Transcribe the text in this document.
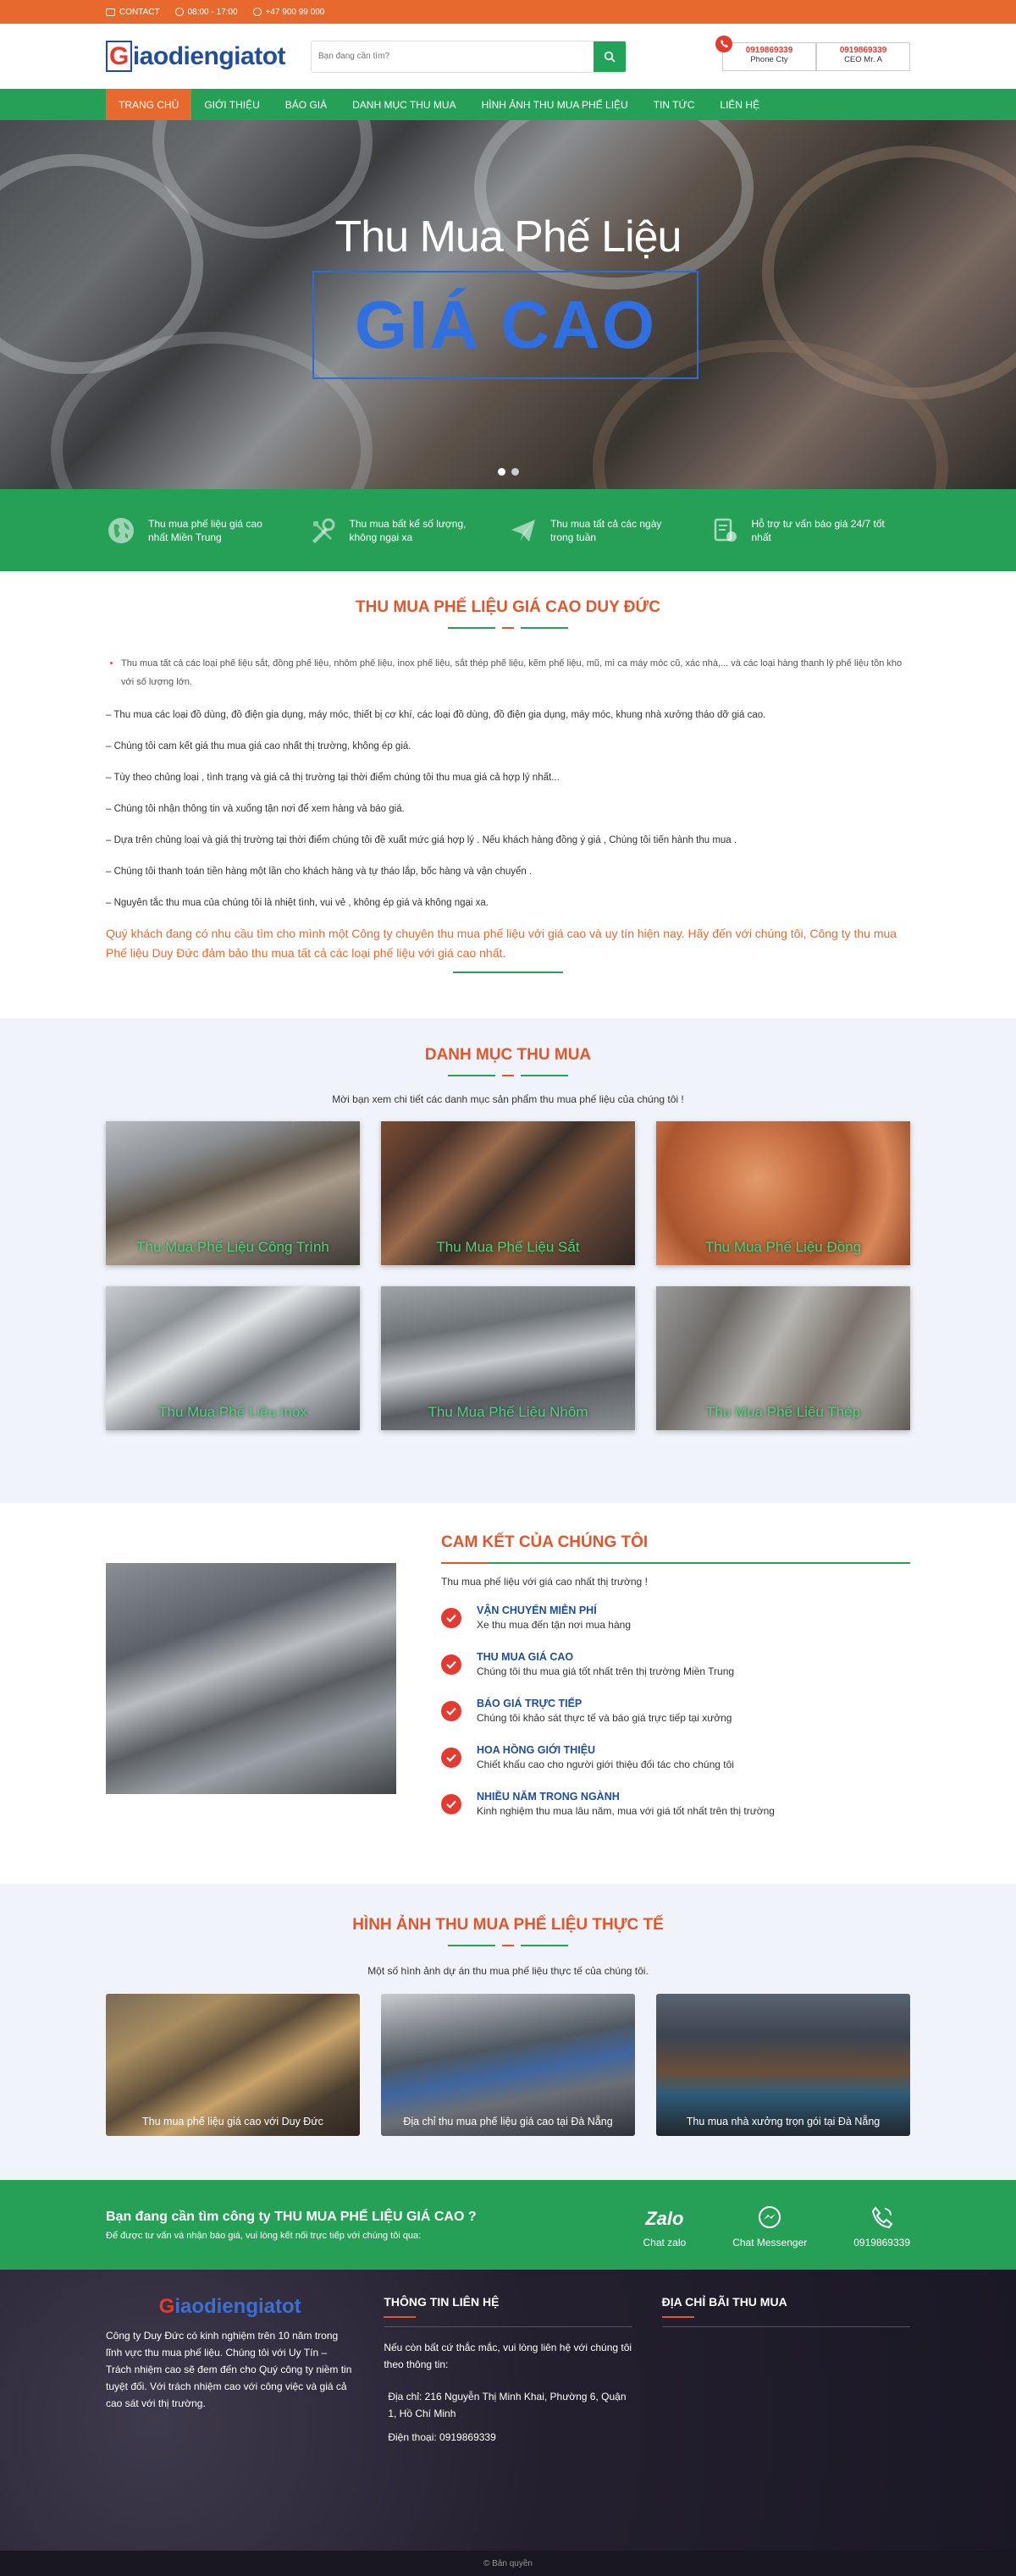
CONTACT	08:00 - 17:00	+47 900 99 000
G iaodiengiatot
Bạn đang cần tìm?	0919869339
Phone Cty
0919869339
CEO Mr. A
TRANG CHỦ	GIỚI THIỆU	BÁO GIÁ	DANH MỤC THU MUA	HÌNH ẢNH THU MUA PHẾ LIỆU	TIN TỨC	LIÊN HỆ
Thu Mua Phế Liệu
GIÁ CAO
Thu mua phế liệu giá cao nhất Miền Trung
Thu mua bất kể số lượng, không ngại xa
Thu mua tất cả các ngày trong tuần
Hỗ trợ tư vấn báo giá 24/7 tốt nhất
THU MUA PHẾ LIỆU GIÁ CAO DUY ĐỨC
• Thu mua tất cả các loại phế liệu sắt, đồng phế liệu, nhôm phế liệu, inox phế liệu, sắt thép phế liệu, kẽm phế liệu, mũ, mì ca máy móc cũ, xác nhà,... và các loại hàng thanh lý phế liệu tồn kho với số lượng lớn.

– Thu mua các loại đồ dùng, đồ điện gia dụng, máy móc, thiết bị cơ khí, các loại đồ dùng, đồ điện gia dụng, máy móc, khung nhà xưởng tháo dỡ giá cao.

– Chúng tôi cam kết giá thu mua giá cao nhất thị trường, không ép giá.

– Tùy theo chủng loại , tình trạng và giá cả thị trường tại thời điểm chúng tôi thu mua giá cả hợp lý nhất...

– Chúng tôi nhận thông tin và xuống tận nơi để xem hàng và báo giá.

– Dựa trên chủng loại và giá thị trường tại thời điểm chúng tôi đề xuất mức giá hợp lý . Nếu khách hàng đồng ý giá , Chúng tôi tiến hành thu mua .

– Chúng tôi thanh toán tiền hàng một lần cho khách hàng và tự tháo lắp, bốc hàng và vận chuyển .

– Nguyên tắc thu mua của chúng tôi là nhiệt tình, vui vẻ , không ép giá và không ngại xa.

Quý khách đang có nhu cầu tìm cho mình một Công ty chuyên thu mua phế liệu với giá cao và uy tín hiện nay. Hãy đến với chúng tôi, Công ty thu mua Phế liệu Duy Đức đảm bảo thu mua tất cả các loại phế liệu với giá cao nhất.

DANH MỤC THU MUA

Mời bạn xem chi tiết các danh mục sản phẩm thu mua phế liệu của chúng tôi !

Thu Mua Phế Liệu Công Trình	Thu Mua Phế Liệu Sắt	Thu Mua Phế Liệu Đồng
Thu Mua Phế Liệu Inox	Thu Mua Phế Liệu Nhôm	Thu Mua Phế Liệu Thép
CAM KẾT CỦA CHÚNG TÔI

Thu mua phế liệu với giá cao nhất thị trường !

VẬN CHUYỂN MIỄN PHÍ
Xe thu mua đến tận nơi mua hàng
THU MUA GIÁ CAO
Chúng tôi thu mua giá tốt nhất trên thị trường Miền Trung
BÁO GIÁ TRỰC TIẾP
Chúng tôi khảo sát thực tế và báo giá trực tiếp tại xưởng
HOA HỒNG GIỚI THIỆU
Chiết khấu cao cho người giới thiệu đối tác cho chúng tôi
NHIỀU NĂM TRONG NGÀNH
Kinh nghiệm thu mua lâu năm, mua với giá tốt nhất trên thị trường
HÌNH ẢNH THU MUA PHẾ LIỆU THỰC TẾ

Một số hình ảnh dự án thu mua phế liệu thực tế của chúng tôi.

Thu mua phế liệu giá cao với Duy Đức	Địa chỉ thu mua phế liệu giá cao tại Đà Nẵng	Thu mua nhà xưởng trọn gói tại Đà Nẵng
Bạn đang cần tìm công ty THU MUA PHẾ LIỆU GIÁ CAO ?

Để được tư vấn và nhận báo giá, vui lòng kết nối trực tiếp với chúng tôi qua:

Zalo
Chat zalo	Chat Messenger	0919869339
Giaodiengiatot

Công ty Duy Đức có kinh nghiệm trên 10 năm trong lĩnh vực thu mua phế liệu. Chúng tôi với Uy Tín – Trách nhiệm cao sẽ đem đến cho Quý công ty niềm tin tuyệt đối. Với trách nhiệm cao với công việc và giá cả cao sát với thị trường.

THÔNG TIN LIÊN HỆ

Nếu còn bất cứ thắc mắc, vui lòng liên hệ với chúng tôi theo thông tin:

Địa chỉ: 216 Nguyễn Thị Minh Khai, Phường 6, Quận 1, Hồ Chí Minh

Điện thoại: 0919869339

ĐỊA CHỈ BÃI THU MUA
© Bản quyền
